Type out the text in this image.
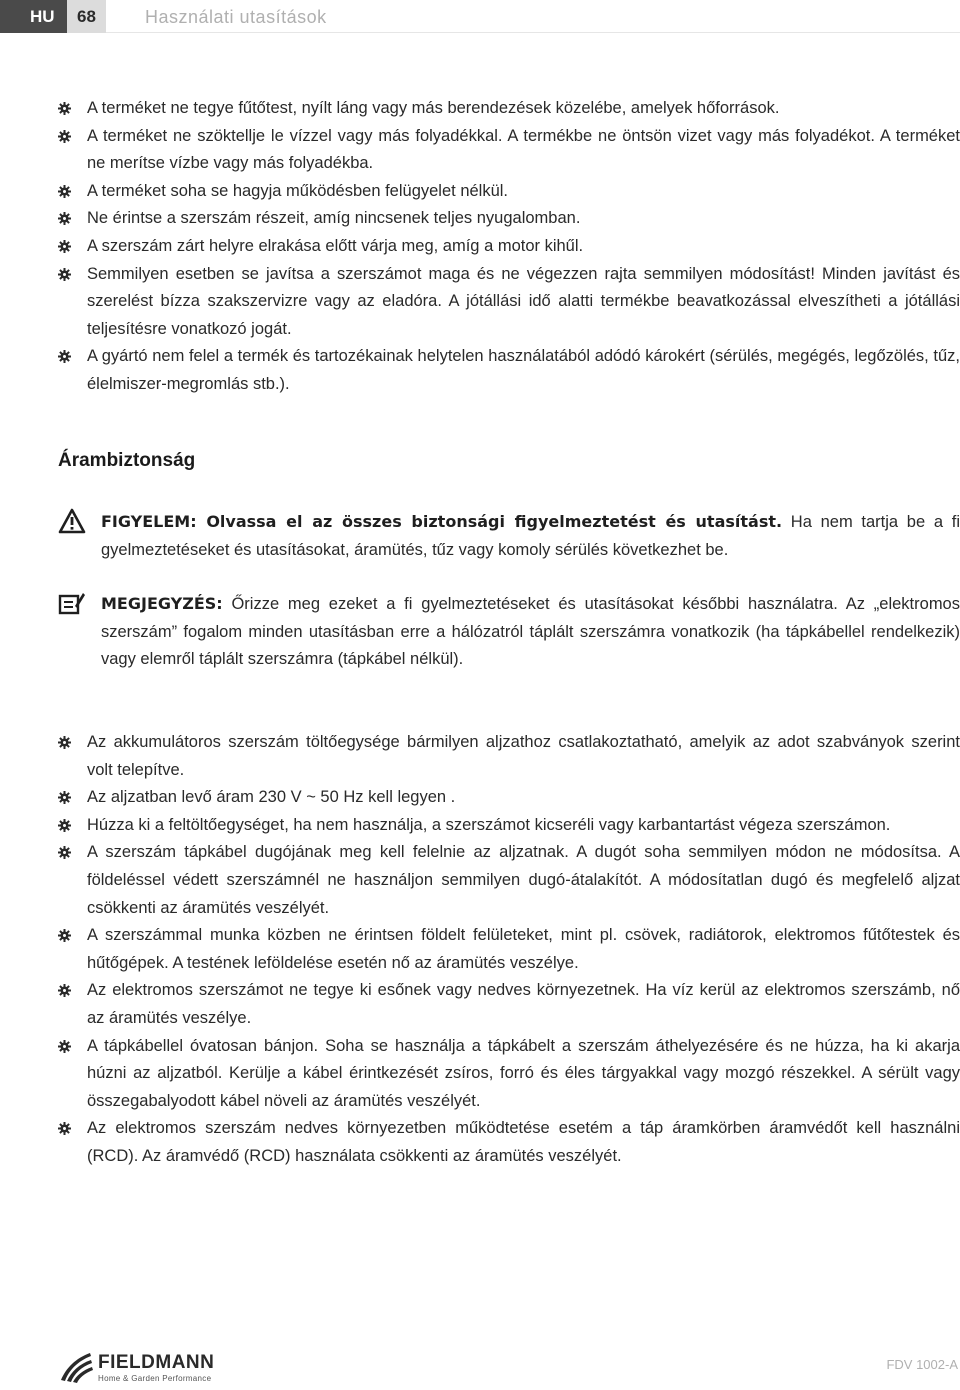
HU	68	Használati utasítások
A terméket ne tegye fűtőtest, nyílt láng vagy más berendezések közelébe, amelyek hőforrások.
A terméket ne szöktellje le vízzel vagy más folyadékkal. A termékbe ne öntsön vizet vagy más folyadékot. A terméket ne merítse vízbe vagy más folyadékba.
A terméket soha se hagyja működésben felügyelet nélkül.
Ne érintse a szerszám részeit, amíg nincsenek teljes nyugalomban.
A szerszám zárt helyre elrakása előtt várja meg, amíg a motor kihűl.
Semmilyen esetben se javítsa a szerszámot maga és ne végezzen rajta semmilyen módosítást! Minden javítást és szerelést bízza szakszervizre vagy az eladóra. A jótállási idő alatti termékbe beavatkozással elveszítheti a jótállási teljesítésre vonatkozó jogát.
A gyártó nem felel a termék és tartozékainak helytelen használatából adódó károkért (sérülés, megégés, legőzölés, tűz, élelmiszer-megromlás stb.).
Árambiztonság
FIGYELEM: Olvassa el az összes biztonsági figyelmeztetést és utasítást. Ha nem tartja be a fi gyelmeztetéseket és utasításokat, áramütés, tűz vagy komoly sérülés következhet be.
MEGJEGYZÉS: Őrizze meg ezeket a fi gyelmeztetéseket és utasításokat későbbi használatra. Az „elektromos szerszám” fogalom minden utasításban erre a hálózatról táplált szerszámra vonatkozik (ha tápkábellel rendelkezik) vagy elemről táplált szerszámra (tápkábel nélkül).
Az akkumulátoros szerszám töltőegysége bármilyen aljzathoz csatlakoztatható, amelyik az adot szabványok szerint volt telepítve.
Az aljzatban levő áram 230 V ~ 50 Hz kell legyen .
Húzza ki a feltöltőegységet, ha nem használja, a szerszámot kicseréli vagy karbantartást végeza szerszámon.
A szerszám tápkábel dugójának meg kell felelnie az aljzatnak. A dugót soha semmilyen módon ne módosítsa. A földeléssel védett szerszámnél ne használjon semmilyen dugó-átalakítót. A módosítatlan dugó és megfelelő aljzat csökkenti az áramütés veszélyét.
A szerszámmal munka közben ne érintsen földelt felületeket, mint pl. csövek, radiátorok, elektromos fűtőtestek és hűtőgépek. A testének leföldelése esetén nő az áramütés veszélye.
Az elektromos szerszámot ne tegye ki esőnek vagy nedves környezetnek. Ha víz kerül az elektromos szerszámb, nő az áramütés veszélye.
A tápkábellel óvatosan bánjon. Soha se használja a tápkábelt a szerszám áthelyezésére és ne húzza, ha ki akarja húzni az aljzatból. Kerülje a kábel érintkezését zsíros, forró és éles tárgyakkal vagy mozgó részekkel. A sérült vagy összegabalyodott kábel növeli az áramütés veszélyét.
Az elektromos szerszám nedves környezetben működtetése esetém a táp áramkörben áramvédőt kell használni (RCD). Az áramvédő (RCD) használata csökkenti az áramütés veszélyét.
FIELDMANN
Home & Garden Performance
FDV 1002-A
